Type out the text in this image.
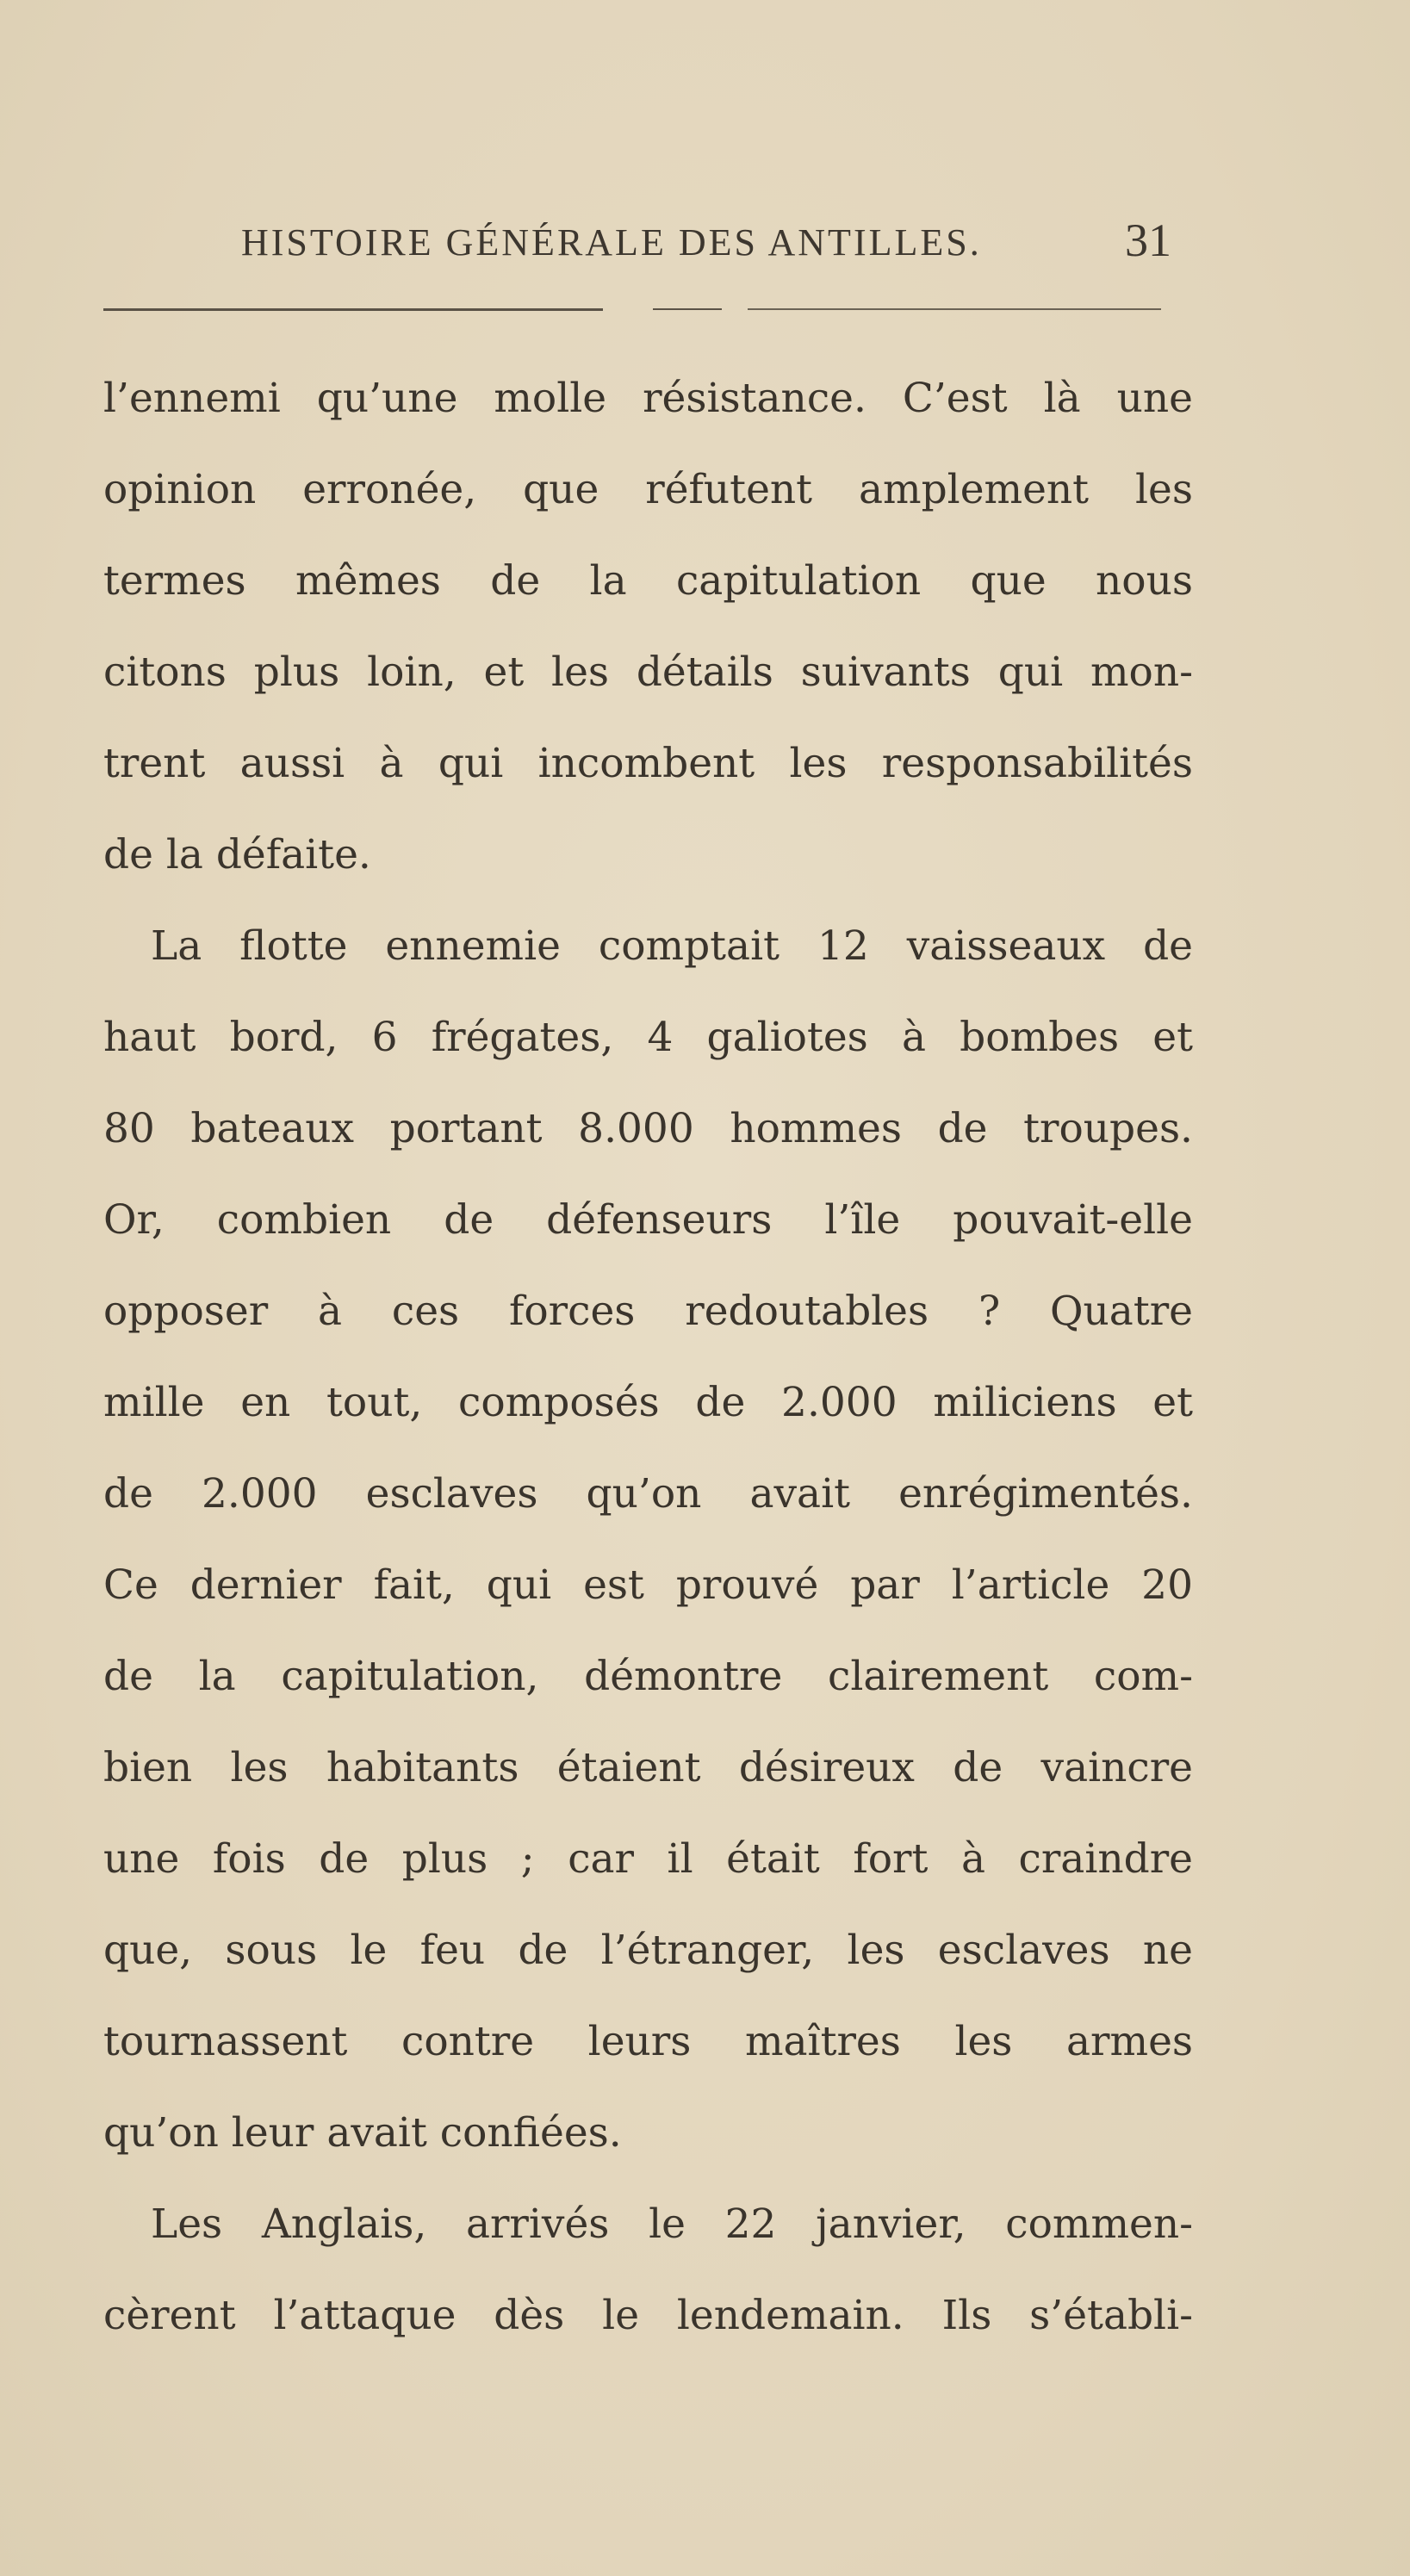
HISTOIRE GÉNÉRALE DES ANTILLES.	31
l’ennemi qu’une molle résistance. C’est là une
opinion erronée, que réfutent amplement les
termes mêmes de la capitulation que nous
citons plus loin, et les détails suivants qui mon-
trent aussi à qui incombent les responsabilités
de la défaite.
La flotte ennemie comptait 12 vaisseaux de
haut bord, 6 frégates, 4 galiotes à bombes et
80 bateaux portant 8.000 hommes de troupes.
Or, combien de défenseurs l’île pouvait-elle
opposer à ces forces redoutables ? Quatre
mille en tout, composés de 2.000 miliciens et
de 2.000 esclaves qu’on avait enrégimentés.
Ce dernier fait, qui est prouvé par l’article 20
de la capitulation, démontre clairement com-
bien les habitants étaient désireux de vaincre
une fois de plus ; car il était fort à craindre
que, sous le feu de l’étranger, les esclaves ne
tournassent contre leurs maîtres les armes
qu’on leur avait confiées.
Les Anglais, arrivés le 22 janvier, commen-
cèrent l’attaque dès le lendemain. Ils s’établi-
